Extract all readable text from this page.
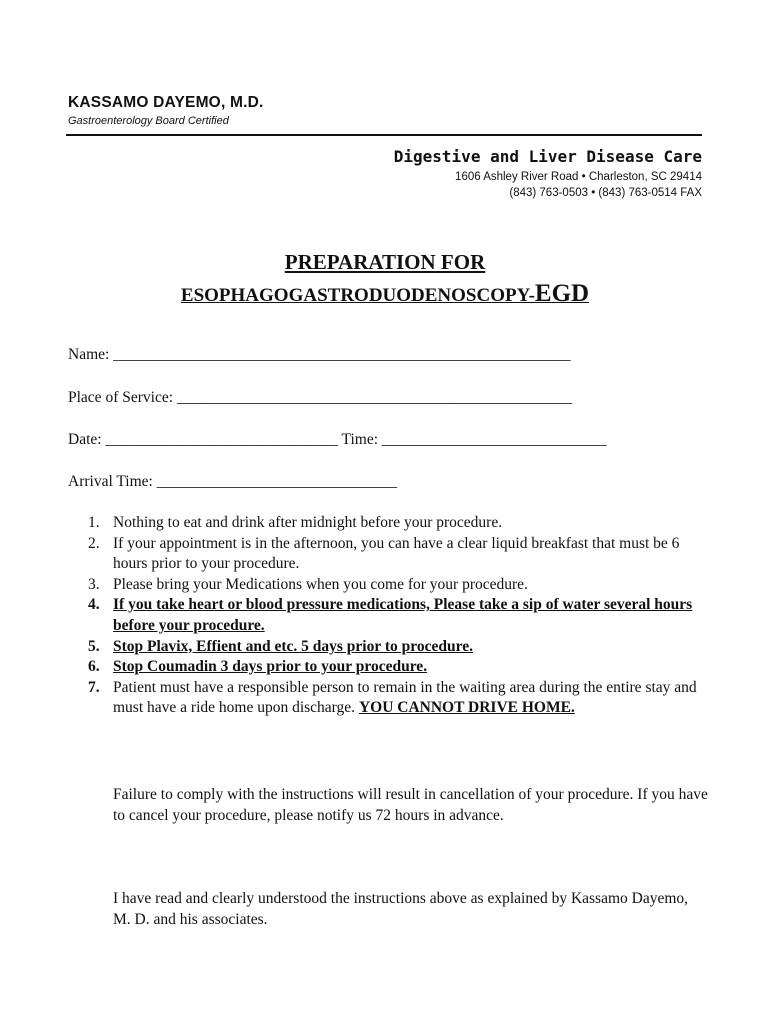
KASSAMO DAYEMO, M.D.
Gastroenterology Board Certified
Digestive and Liver Disease Care
1606 Ashley River Road • Charleston, SC 29414
(843) 763-0503 • (843) 763-0514 FAX
PREPARATION FOR
ESOPHAGOGASTRODUODENOSCOPY-EGD
Name: ___________________________________________________________
Place of Service: ___________________________________________________
Date: ______________________________ Time: _____________________________
Arrival Time: _______________________________
1. Nothing to eat and drink after midnight before your procedure.
2. If your appointment is in the afternoon, you can have a clear liquid breakfast that must be 6 hours prior to your procedure.
3. Please bring your Medications when you come for your procedure.
4. If you take heart or blood pressure medications, Please take a sip of water several hours before your procedure.
5. Stop Plavix, Effient and etc. 5 days prior to procedure.
6. Stop Coumadin 3 days prior to your procedure.
7. Patient must have a responsible person to remain in the waiting area during the entire stay and must have a ride home upon discharge. YOU CANNOT DRIVE HOME.
Failure to comply with the instructions will result in cancellation of your procedure. If you have to cancel your procedure, please notify us 72 hours in advance.
I have read and clearly understood the instructions above as explained by Kassamo Dayemo, M. D. and his associates.
